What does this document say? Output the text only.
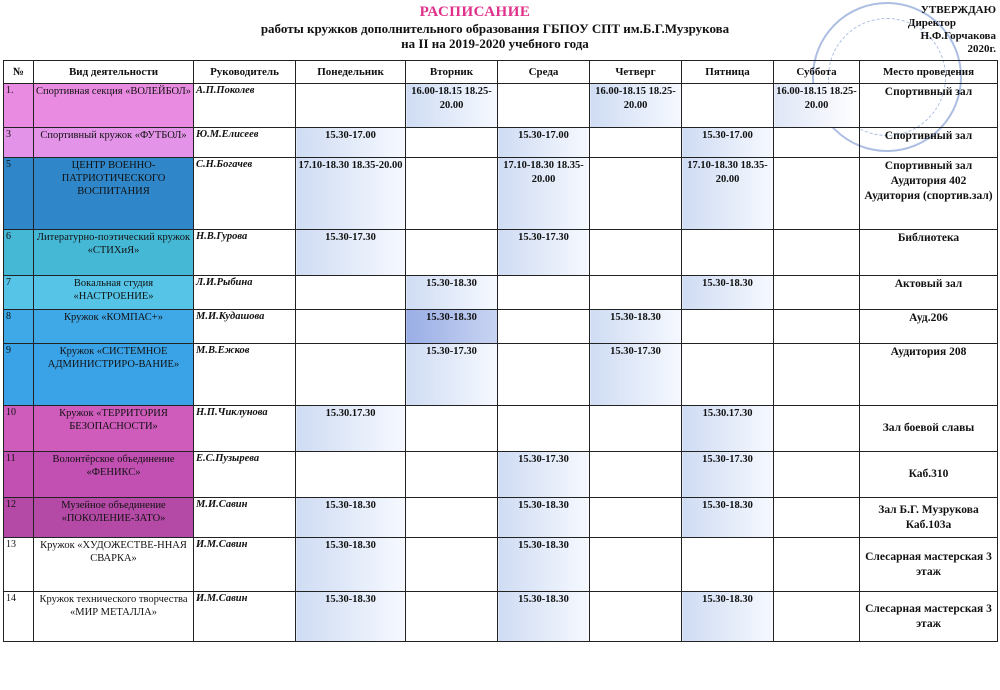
РАСПИСАНИЕ
работы кружков дополнительного образования ГБПОУ СПТ им.Б.Г.Музрукова
на II на 2019-2020 учебного года
УТВЕРЖДАЮ
Директор
Н.Ф.Горчакова
2020г.
№	Вид деятельности	Руководитель	Понедельник	Вторник	Среда	Четверг	Пятница	Суббота	Место проведения
1.	Спортивная секция «ВОЛЕЙБОЛ»	А.П.Поколев		16.00-18.15 18.25-20.00		16.00-18.15 18.25-20.00		16.00-18.15 18.25-20.00	Спортивный зал
3	Спортивный кружок «ФУТБОЛ»	Ю.М.Елисеев	15.30-17.00		15.30-17.00		15.30-17.00		Спортивный зал
5	ЦЕНТР ВОЕННО-ПАТРИОТИЧЕСКОГО ВОСПИТАНИЯ	С.Н.Богачев	17.10-18.30 18.35-20.00		17.10-18.30 18.35-20.00		17.10-18.30 18.35-20.00		Спортивный зал Аудитория 402 Аудитория (спортив.зал)
6	Литературно-поэтический кружок «СТИХиЯ»	Н.В.Гурова	15.30-17.30		15.30-17.30				Библиотека
7	Вокальная студия «НАСТРОЕНИЕ»	Л.И.Рыбина		15.30-18.30			15.30-18.30		Актовый зал
8	Кружок «КОМПАС+»	М.И.Кудашова		15.30-18.30		15.30-18.30			Ауд.206
9	Кружок «СИСТЕМНОЕ АДМИНИСТРИРО-ВАНИЕ»	М.В.Ежков		15.30-17.30		15.30-17.30			Аудитория 208
10	Кружок «ТЕРРИТОРИЯ БЕЗОПАСНОСТИ»	Н.П.Чиклунова	15.30.17.30				15.30.17.30		Зал боевой славы
11	Волонтёрское объединение «ФЕНИКС»	Е.С.Пузырева			15.30-17.30		15.30-17.30		Каб.310
12	Музейное объединение «ПОКОЛЕНИЕ-ЗАТО»	М.И.Савин	15.30-18.30		15.30-18.30		15.30-18.30		Зал Б.Г. Музрукова Каб.103а
13	Кружок «ХУДОЖЕСТВЕ-ННАЯ СВАРКА»	И.М.Савин	15.30-18.30		15.30-18.30				Слесарная мастерская 3 этаж
14	Кружок технического творчества «МИР МЕТАЛЛА»	И.М.Савин	15.30-18.30		15.30-18.30		15.30-18.30		Слесарная мастерская 3 этаж
